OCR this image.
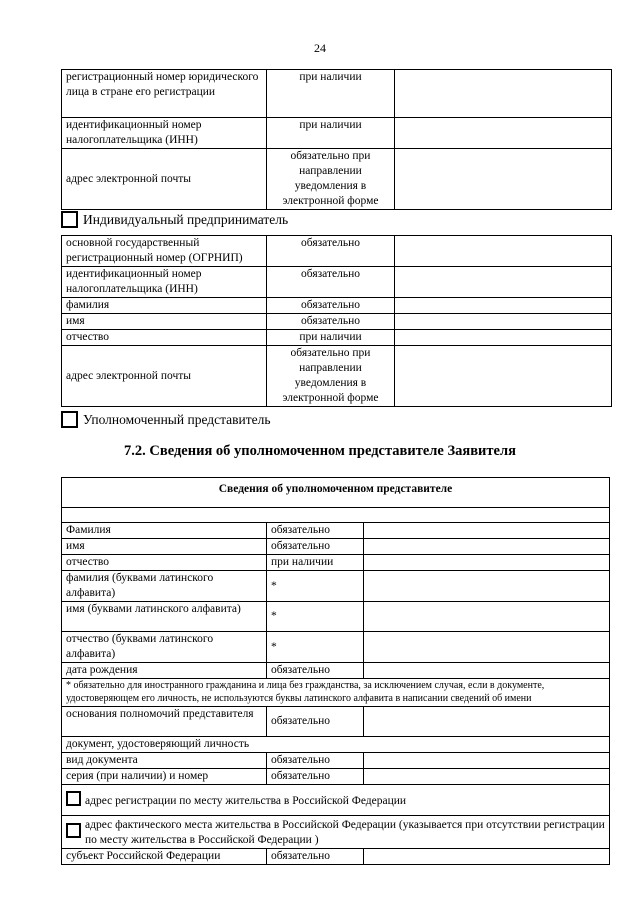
24
регистрационный номер юридического лица в стране его регистрации	при наличии	
идентификационный номер налогоплательщика (ИНН)	при наличии	
адрес электронной почты	обязательно при направлении уведомления в электронной форме	
Индивидуальный предприниматель
основной государственный регистрационный номер (ОГРНИП)	обязательно	
идентификационный номер налогоплательщика (ИНН)	обязательно	
фамилия	обязательно	
имя	обязательно	
отчество	при наличии	
адрес электронной почты	обязательно при направлении уведомления в электронной форме	
Уполномоченный представитель
7.2. Сведения об уполномоченном представителе Заявителя
Сведения об уполномоченном представителе		

Фамилия	обязательно	
имя	обязательно	
отчество	при наличии	
фамилия (буквами латинского алфавита)	*	
имя (буквами латинского алфавита)	*	
отчество (буквами латинского алфавита)	*	
дата рождения	обязательно	
* обязательно для иностранного гражданина и лица без гражданства, за исключением случая, если в документе, удостоверяющем его личность, не используются буквы латинского алфавита в написании сведений об имени		
основания полномочий представителя	обязательно	
документ, удостоверяющий личность		
вид документа	обязательно	
серия (при наличии) и номер	обязательно	
адрес регистрации по месту жительства в Российской Федерации		

адрес фактического места жительства в Российской Федерации (указывается при отсутствии регистрации по месту жительства в Российской Федерации )		

субъект Российской Федерации	обязательно	
